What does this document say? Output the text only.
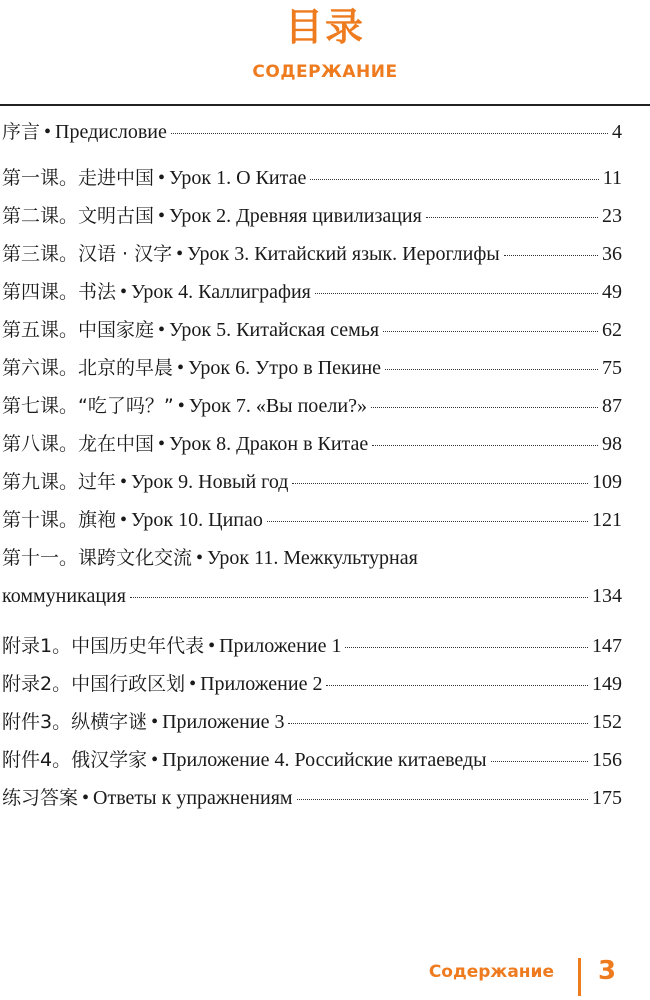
目录
СОДЕРЖАНИЕ
序言 • Предисловие	4
第一课。走进中国 • Урок 1. О Китае	11
第二课。文明古国 • Урок 2. Древняя цивилизация	23
第三课。汉语 · 汉字 • Урок 3. Китайский язык. Иероглифы	36
第四课。书法 • Урок 4. Каллиграфия	49
第五课。中国家庭 • Урок 5. Китайская семья	62
第六课。北京的早晨 • Урок 6. Утро в Пекине	75
第七课。“吃了吗？” • Урок 7. «Вы поели?»	87
第八课。龙在中国 • Урок 8. Дракон в Китае	98
第九课。过年 • Урок 9. Новый год	109
第十课。旗袍 • Урок 10. Ципао	121
第十一。课跨文化交流 • Урок 11. Межкультурная
коммуникация	134
附录1。中国历史年代表 • Приложение 1	147
附录2。中国行政区划 • Приложение 2	149
附件3。纵横字谜 • Приложение 3	152
附件4。俄汉学家 • Приложение 4. Российские китаеведы	156
练习答案 • Ответы к упражнениям	175
Содержание 3
